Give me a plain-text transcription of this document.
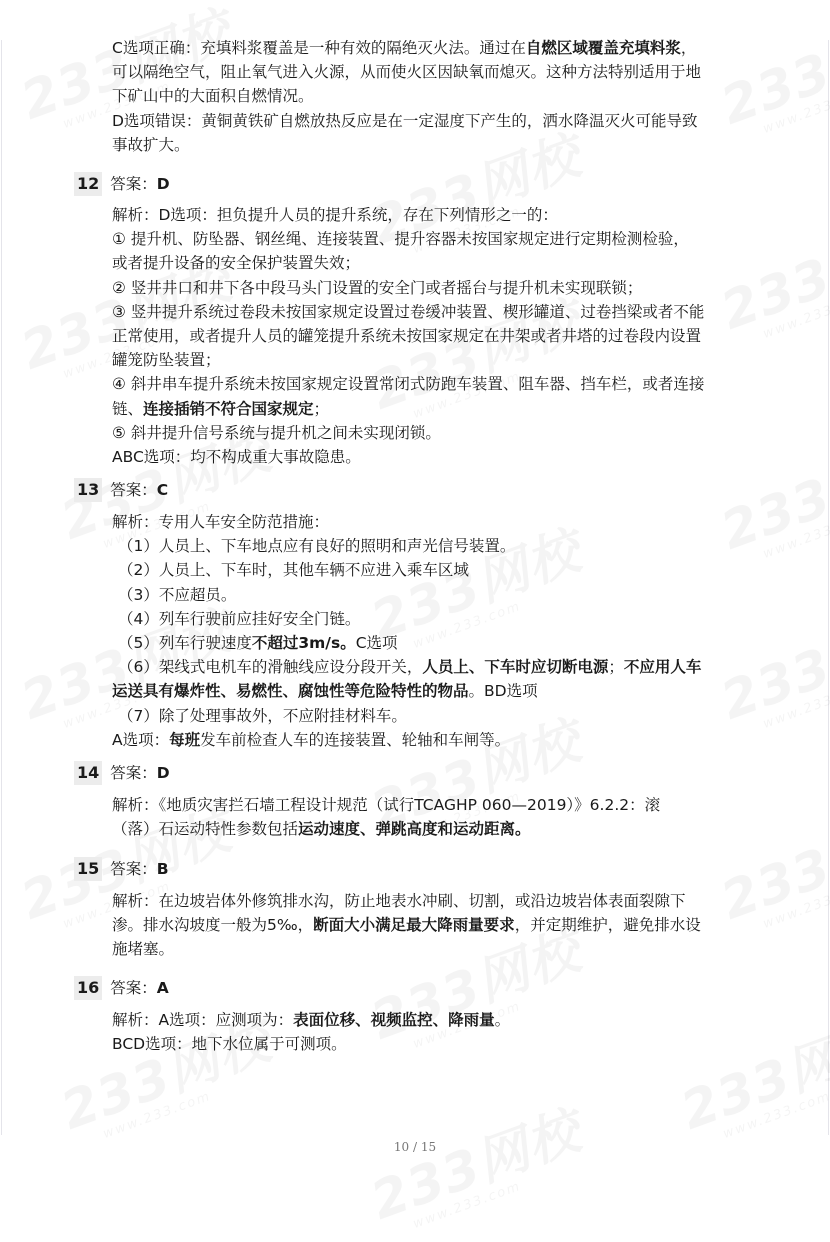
C选项正确：充填料浆覆盖是一种有效的隔绝灭火法。通过在自燃区域覆盖充填料浆，
可以隔绝空气，阻止氧气进入火源，从而使火区因缺氧而熄灭。这种方法特别适用于地
下矿山中的大面积自燃情况。
D选项错误：黄铜黄铁矿自燃放热反应是在一定湿度下产生的，洒水降温灭火可能导致
事故扩大。
12 答案：D
解析：D选项：担负提升人员的提升系统，存在下列情形之一的：
① 提升机、防坠器、钢丝绳、连接装置、提升容器未按国家规定进行定期检测检验，
或者提升设备的安全保护装置失效；
② 竖井井口和井下各中段马头门设置的安全门或者摇台与提升机未实现联锁；
③ 竖井提升系统过卷段未按国家规定设置过卷缓冲装置、楔形罐道、过卷挡梁或者不能
正常使用，或者提升人员的罐笼提升系统未按国家规定在井架或者井塔的过卷段内设置
罐笼防坠装置；
④ 斜井串车提升系统未按国家规定设置常闭式防跑车装置、阻车器、挡车栏，或者连接
链、连接插销不符合国家规定；
⑤ 斜井提升信号系统与提升机之间未实现闭锁。
ABC选项：均不构成重大事故隐患。
13 答案：C
解析：专用人车安全防范措施：
（1）人员上、下车地点应有良好的照明和声光信号装置。
（2）人员上、下车时，其他车辆不应进入乘车区域
（3）不应超员。
（4）列车行驶前应挂好安全门链。
（5）列车行驶速度不超过3m/s。C选项
（6）架线式电机车的滑触线应设分段开关，人员上、下车时应切断电源；不应用人车
运送具有爆炸性、易燃性、腐蚀性等危险特性的物品。BD选项
（7）除了处理事故外，不应附挂材料车。
A选项：每班发车前检查人车的连接装置、轮轴和车闸等。
14 答案：D
解析：《地质灾害拦石墙工程设计规范（试行TCAGHP 060—2019）》6.2.2：滚
（落）石运动特性参数包括运动速度、弹跳高度和运动距离。
15 答案：B
解析：在边坡岩体外修筑排水沟，防止地表水冲刷、切割，或沿边坡岩体表面裂隙下
渗。排水沟坡度一般为5‰，断面大小满足最大降雨量要求，并定期维护，避免排水设
施堵塞。
16 答案：A
解析：A选项：应测项为：表面位移、视频监控、降雨量。
BCD选项：地下水位属于可测项。
10 / 15
